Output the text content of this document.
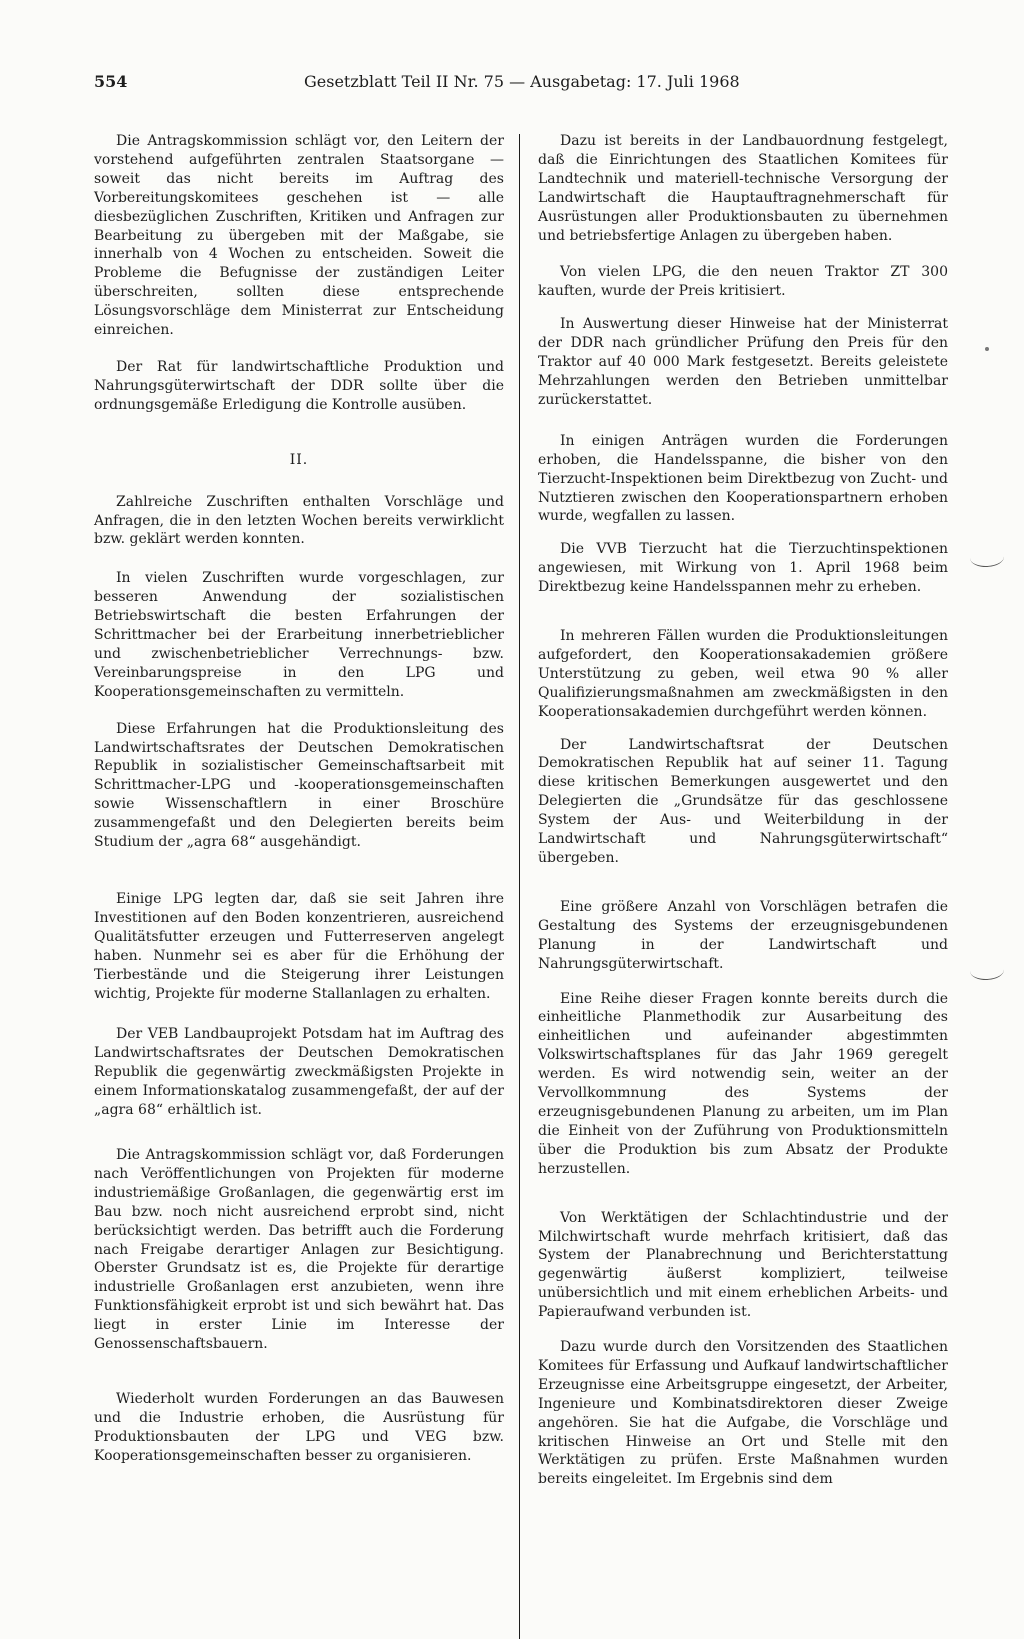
554	Gesetzblatt Teil II Nr. 75 — Ausgabetag: 17. Juli 1968

Die Antragskommission schlägt vor, den Leitern der vorstehend aufgeführten zentralen Staatsorgane — soweit das nicht bereits im Auftrag des Vorbereitungskomitees geschehen ist — alle diesbezüglichen Zuschriften, Kritiken und Anfragen zur Bearbeitung zu übergeben mit der Maßgabe, sie innerhalb von 4 Wochen zu entscheiden. Soweit die Probleme die Befugnisse der zuständigen Leiter überschreiten, sollten diese entsprechende Lösungsvorschläge dem Ministerrat zur Entscheidung einreichen.

Der Rat für landwirtschaftliche Produktion und Nahrungsgüterwirtschaft der DDR sollte über die ordnungsgemäße Erledigung die Kontrolle ausüben.

II.

Zahlreiche Zuschriften enthalten Vorschläge und Anfragen, die in den letzten Wochen bereits verwirklicht bzw. geklärt werden konnten.

In vielen Zuschriften wurde vorgeschlagen, zur besseren Anwendung der sozialistischen Betriebswirtschaft die besten Erfahrungen der Schrittmacher bei der Erarbeitung innerbetrieblicher und zwischenbetrieblicher Verrechnungs- bzw. Vereinbarungspreise in den LPG und Kooperationsgemeinschaften zu vermitteln.

Diese Erfahrungen hat die Produktionsleitung des Landwirtschaftsrates der Deutschen Demokratischen Republik in sozialistischer Gemeinschaftsarbeit mit Schrittmacher-LPG und -kooperationsgemeinschaften sowie Wissenschaftlern in einer Broschüre zusammengefaßt und den Delegierten bereits beim Studium der „agra 68“ ausgehändigt.

Einige LPG legten dar, daß sie seit Jahren ihre Investitionen auf den Boden konzentrieren, ausreichend Qualitätsfutter erzeugen und Futterreserven angelegt haben. Nunmehr sei es aber für die Erhöhung der Tierbestände und die Steigerung ihrer Leistungen wichtig, Projekte für moderne Stallanlagen zu erhalten.

Der VEB Landbauprojekt Potsdam hat im Auftrag des Landwirtschaftsrates der Deutschen Demokratischen Republik die gegenwärtig zweckmäßigsten Projekte in einem Informationskatalog zusammengefaßt, der auf der „agra 68“ erhältlich ist.

Die Antragskommission schlägt vor, daß Forderungen nach Veröffentlichungen von Projekten für moderne industriemäßige Großanlagen, die gegenwärtig erst im Bau bzw. noch nicht ausreichend erprobt sind, nicht berücksichtigt werden. Das betrifft auch die Forderung nach Freigabe derartiger Anlagen zur Besichtigung. Oberster Grundsatz ist es, die Projekte für derartige industrielle Großanlagen erst anzubieten, wenn ihre Funktionsfähigkeit erprobt ist und sich bewährt hat. Das liegt in erster Linie im Interesse der Genossenschaftsbauern.

Wiederholt wurden Forderungen an das Bauwesen und die Industrie erhoben, die Ausrüstung für Produktionsbauten der LPG und VEG bzw. Kooperationsgemeinschaften besser zu organisieren.

Dazu ist bereits in der Landbauordnung festgelegt, daß die Einrichtungen des Staatlichen Komitees für Landtechnik und materiell-technische Versorgung der Landwirtschaft die Hauptauftragnehmerschaft für Ausrüstungen aller Produktionsbauten zu übernehmen und betriebsfertige Anlagen zu übergeben haben.

Von vielen LPG, die den neuen Traktor ZT 300 kauften, wurde der Preis kritisiert.

In Auswertung dieser Hinweise hat der Ministerrat der DDR nach gründlicher Prüfung den Preis für den Traktor auf 40 000 Mark festgesetzt. Bereits geleistete Mehrzahlungen werden den Betrieben unmittelbar zurückerstattet.

In einigen Anträgen wurden die Forderungen erhoben, die Handelsspanne, die bisher von den Tierzucht-Inspektionen beim Direktbezug von Zucht- und Nutztieren zwischen den Kooperationspartnern erhoben wurde, wegfallen zu lassen.

Die VVB Tierzucht hat die Tierzuchtinspektionen angewiesen, mit Wirkung von 1. April 1968 beim Direktbezug keine Handelsspannen mehr zu erheben.

In mehreren Fällen wurden die Produktionsleitungen aufgefordert, den Kooperationsakademien größere Unterstützung zu geben, weil etwa 90 % aller Qualifizierungsmaßnahmen am zweckmäßigsten in den Kooperationsakademien durchgeführt werden können.

Der Landwirtschaftsrat der Deutschen Demokratischen Republik hat auf seiner 11. Tagung diese kritischen Bemerkungen ausgewertet und den Delegierten die „Grundsätze für das geschlossene System der Aus- und Weiterbildung in der Landwirtschaft und Nahrungsgüterwirtschaft“ übergeben.

Eine größere Anzahl von Vorschlägen betrafen die Gestaltung des Systems der erzeugnisgebundenen Planung in der Landwirtschaft und Nahrungsgüterwirtschaft.

Eine Reihe dieser Fragen konnte bereits durch die einheitliche Planmethodik zur Ausarbeitung des einheitlichen und aufeinander abgestimmten Volkswirtschaftsplanes für das Jahr 1969 geregelt werden. Es wird notwendig sein, weiter an der Vervollkommnung des Systems der erzeugnisgebundenen Planung zu arbeiten, um im Plan die Einheit von der Zuführung von Produktionsmitteln über die Produktion bis zum Absatz der Produkte herzustellen.

Von Werktätigen der Schlachtindustrie und der Milchwirtschaft wurde mehrfach kritisiert, daß das System der Planabrechnung und Berichterstattung gegenwärtig äußerst kompliziert, teilweise unübersichtlich und mit einem erheblichen Arbeits- und Papieraufwand verbunden ist.

Dazu wurde durch den Vorsitzenden des Staatlichen Komitees für Erfassung und Aufkauf landwirtschaftlicher Erzeugnisse eine Arbeitsgruppe eingesetzt, der Arbeiter, Ingenieure und Kombinatsdirektoren dieser Zweige angehören. Sie hat die Aufgabe, die Vorschläge und kritischen Hinweise an Ort und Stelle mit den Werktätigen zu prüfen. Erste Maßnahmen wurden bereits eingeleitet. Im Ergebnis sind dem
